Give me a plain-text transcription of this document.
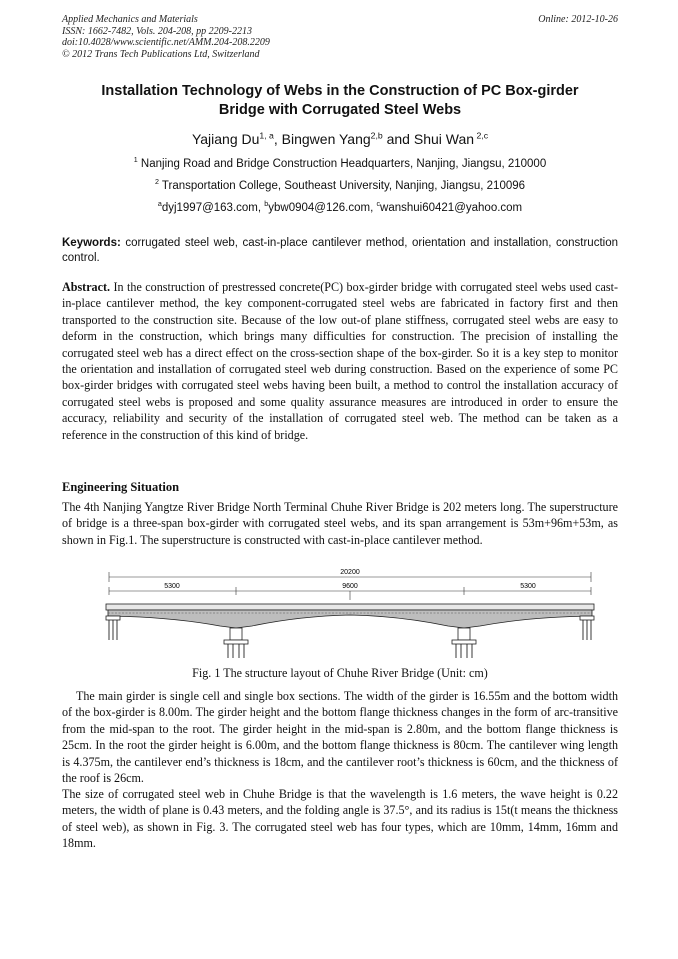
Applied Mechanics and Materials
ISSN: 1662-7482, Vols. 204-208, pp 2209-2213
doi:10.4028/www.scientific.net/AMM.204-208.2209
© 2012 Trans Tech Publications Ltd, Switzerland
Online: 2012-10-26
Installation Technology of Webs in the Construction of PC Box-girder
Bridge with Corrugated Steel Webs
Yajiang Du$^{1, a}$, Bingwen Yang$^{2,b}$ and Shui Wan $^{2,c}$
$^1$ Nanjing Road and Bridge Construction Headquarters, Nanjing, Jiangsu, 210000
$^2$ Transportation College, Southeast University, Nanjing, Jiangsu, 210096
$^a$dyj1997@163.com, $^b$ybw0904@126.com, $^c$wanshui60421@yahoo.com
Keywords: corrugated steel web, cast-in-place cantilever method, orientation and installation, construction control.
Abstract. In the construction of prestressed concrete(PC) box-girder bridge with corrugated steel webs used cast-in-place cantilever method, the key component-corrugated steel webs are fabricated in factory first and then transported to the construction site. Because of the low out-of plane stiffness, corrugated steel webs are easy to deform in the construction, which brings many difficulties for construction. The precision of installing the corrugated steel web has a direct effect on the cross-section shape of the box-girder. So it is a key step to monitor the orientation and installation of corrugated steel web during construction. Based on the experience of some PC box-girder bridges with corrugated steel webs having been built, a method to control the installation accuracy of corrugated steel webs is proposed and some quality assurance measures are introduced in order to ensure the accuracy, reliability and security of the installation of corrugated steel web. The method can be taken as a reference in the construction of this kind of bridge.
Engineering Situation
The 4th Nanjing Yangtze River Bridge North Terminal Chuhe River Bridge is 202 meters long. The superstructure of bridge is a three-span box-girder with corrugated steel webs, and its span arrangement is 53m+96m+53m, as shown in Fig.1. The superstructure is constructed with cast-in-place cantilever method.
20200
5300	9600	5300
Fig. 1 The structure layout of Chuhe River Bridge (Unit: cm)
The main girder is single cell and single box sections. The width of the girder is 16.55m and the bottom width of the box-girder is 8.00m. The girder height and the bottom flange thickness changes in the form of arc-transitive from the mid-span to the root. The girder height in the mid-span is 2.80m, and the bottom flange thickness is 25cm. In the root the girder height is 6.00m, and the bottom flange thickness is 80cm. The cantilever wing length is 4.375m, the cantilever end’s thickness is 18cm, and the cantilever root’s thickness is 60cm, and the thickness of the roof is 26cm.
The size of corrugated steel web in Chuhe Bridge is that the wavelength is 1.6 meters, the wave height is 0.22 meters, the width of plane is 0.43 meters, and the folding angle is 37.5°, and its radius is 15t(t means the thickness of steel web), as shown in Fig. 3. The corrugated steel web has four types, which are 10mm, 14mm, 16mm and 18mm.
